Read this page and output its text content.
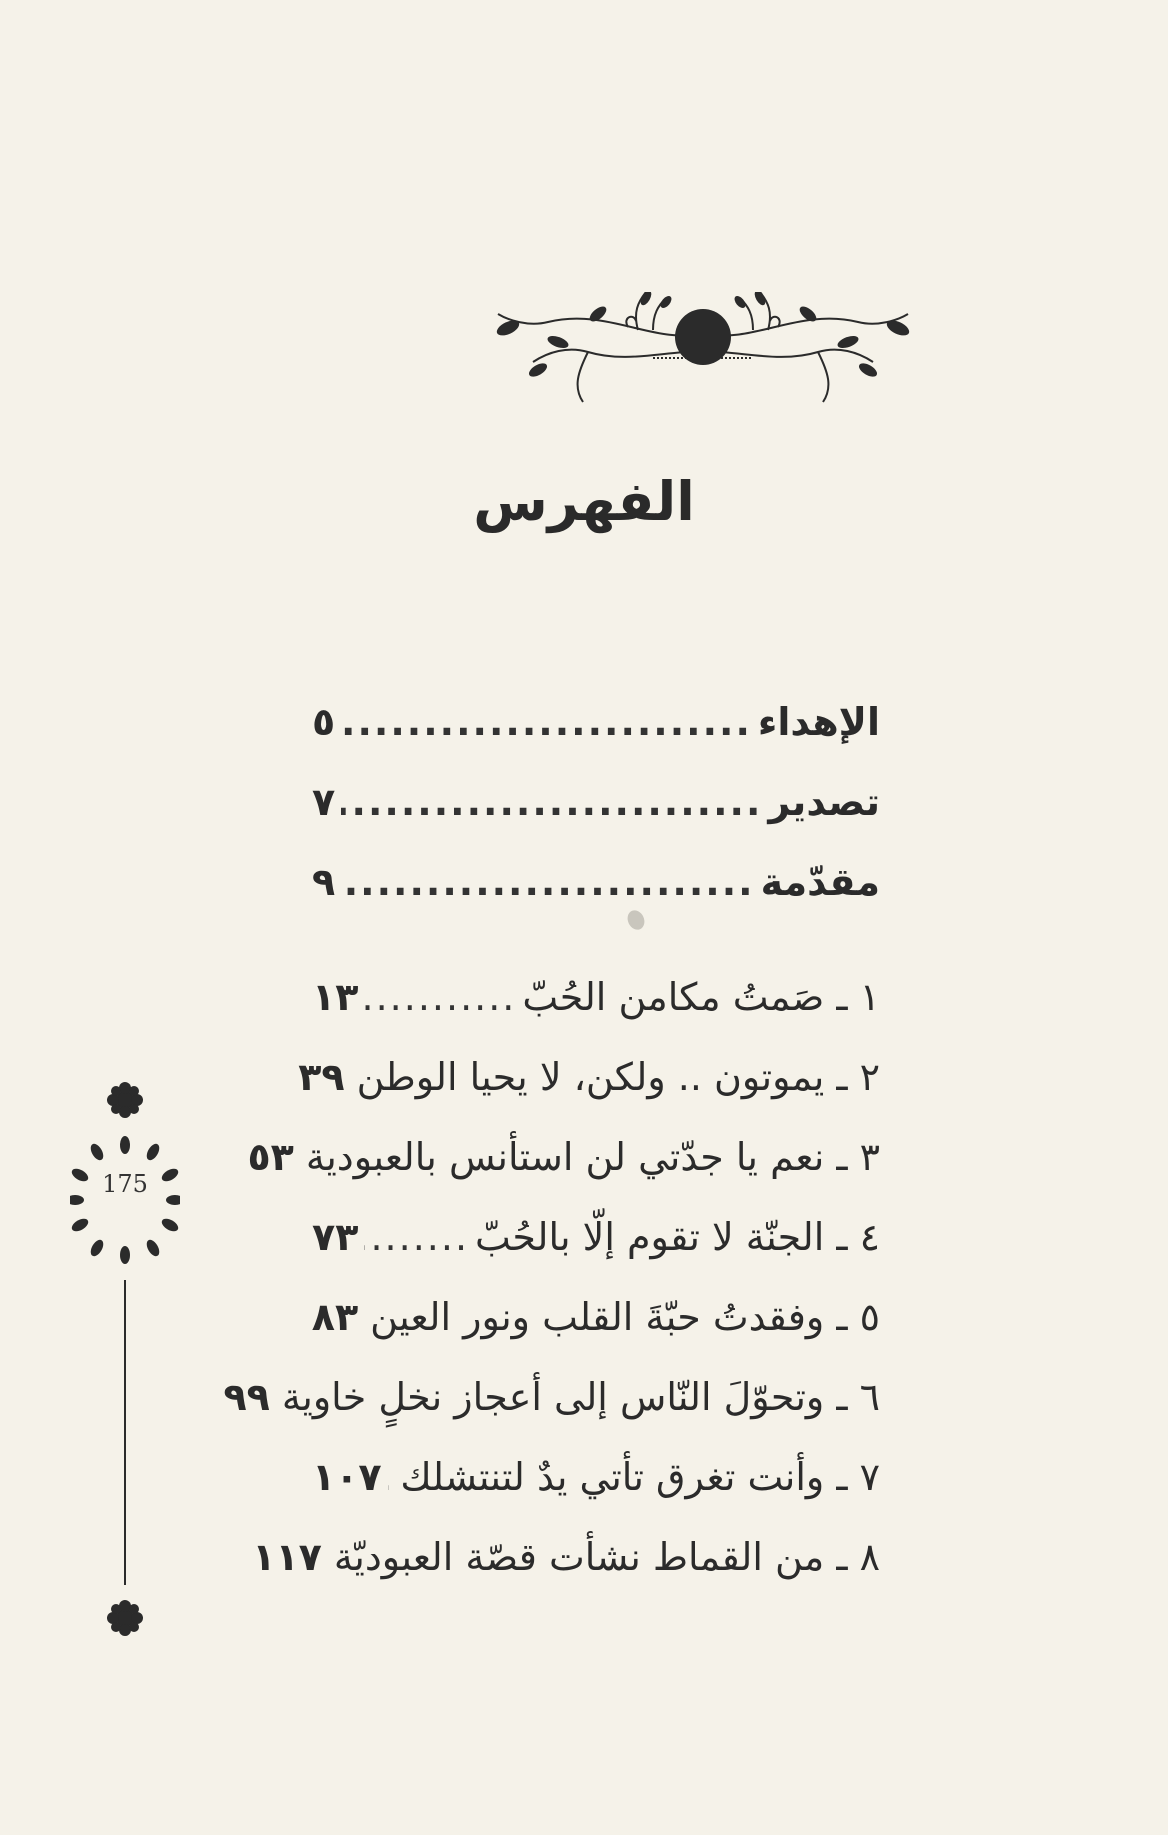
الفهرس
الإهداء
.....
٥
تصدير
.....
٧
مقدّمة
.....
٩
١ ـ صَمتُ مكامن الحُبّ
.....
١٣
٢ ـ يموتون .. ولكن، لا يحيا الوطن
٣٩
٣ ـ نعم يا جدّتي لن استأنس بالعبودية
٥٣
٤ ـ الجنّة لا تقوم إلّا بالحُبّ
.....
٧٣
٥ ـ وفقدتُ حبّةَ القلب ونور العين
٨٣
٦ ـ وتحوّلَ النّاس إلى أعجاز نخلٍ خاوية
٩٩
٧ ـ وأنت تغرق تأتي يدٌ لتنتشلك
.....
١٠٧
٨ ـ من القماط نشأت قصّة العبوديّة
١١٧
175
